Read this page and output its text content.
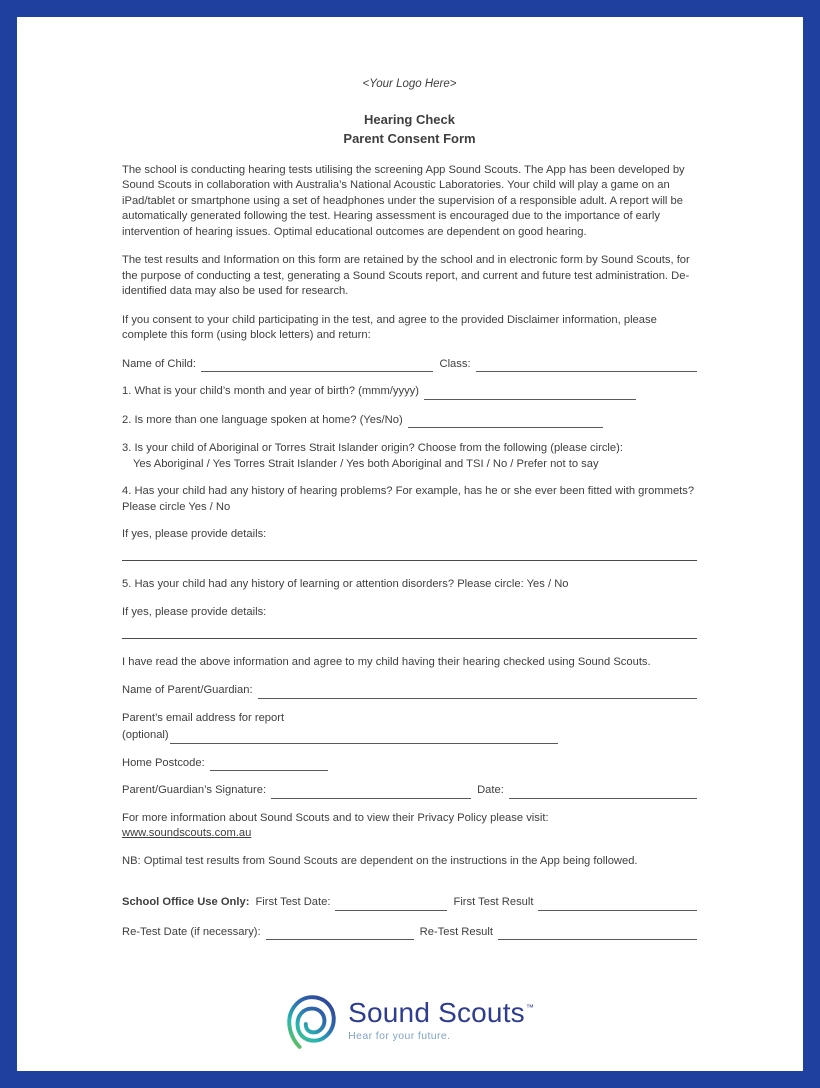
<Your Logo Here>
Hearing Check
Parent Consent Form

The school is conducting hearing tests utilising the screening App Sound Scouts. The App has been developed by Sound Scouts in collaboration with Australia’s National Acoustic Laboratories. Your child will play a game on an iPad/tablet or smartphone using a set of headphones under the supervision of a responsible adult. A report will be automatically generated following the test. Hearing assessment is encouraged due to the importance of early intervention of hearing issues. Optimal educational outcomes are dependent on good hearing.

The test results and Information on this form are retained by the school and in electronic form by Sound Scouts, for the purpose of conducting a test, generating a Sound Scouts report, and current and future test administration. De-identified data may also be used for research.

If you consent to your child participating in the test, and agree to the provided Disclaimer information, please complete this form (using block letters) and return:

Name of Child:	Class:
1. What is your child’s month and year of birth? (mmm/yyyy)
2. Is more than one language spoken at home? (Yes/No)
3. Is your child of Aboriginal or Torres Strait Islander origin? Choose from the following (please circle):
Yes Aboriginal / Yes Torres Strait Islander / Yes both Aboriginal and TSI / No / Prefer not to say
4. Has your child had any history of hearing problems? For example, has he or she ever been fitted with grommets? Please circle Yes / No
If yes, please provide details:
5. Has your child had any history of learning or attention disorders? Please circle: Yes / No
If yes, please provide details:
I have read the above information and agree to my child having their hearing checked using Sound Scouts.
Name of Parent/Guardian:
Parent’s email address for report
(optional)
Home Postcode:
Parent/Guardian’s Signature:	Date:
For more information about Sound Scouts and to view their Privacy Policy please visit:
www.soundscouts.com.au
NB: Optimal test results from Sound Scouts are dependent on the instructions in the App being followed.
School Office Use Only: First Test Date:	First Test Result
Re-Test Date (if necessary):	Re-Test Result
Sound Scouts ™
Hear for your future.
